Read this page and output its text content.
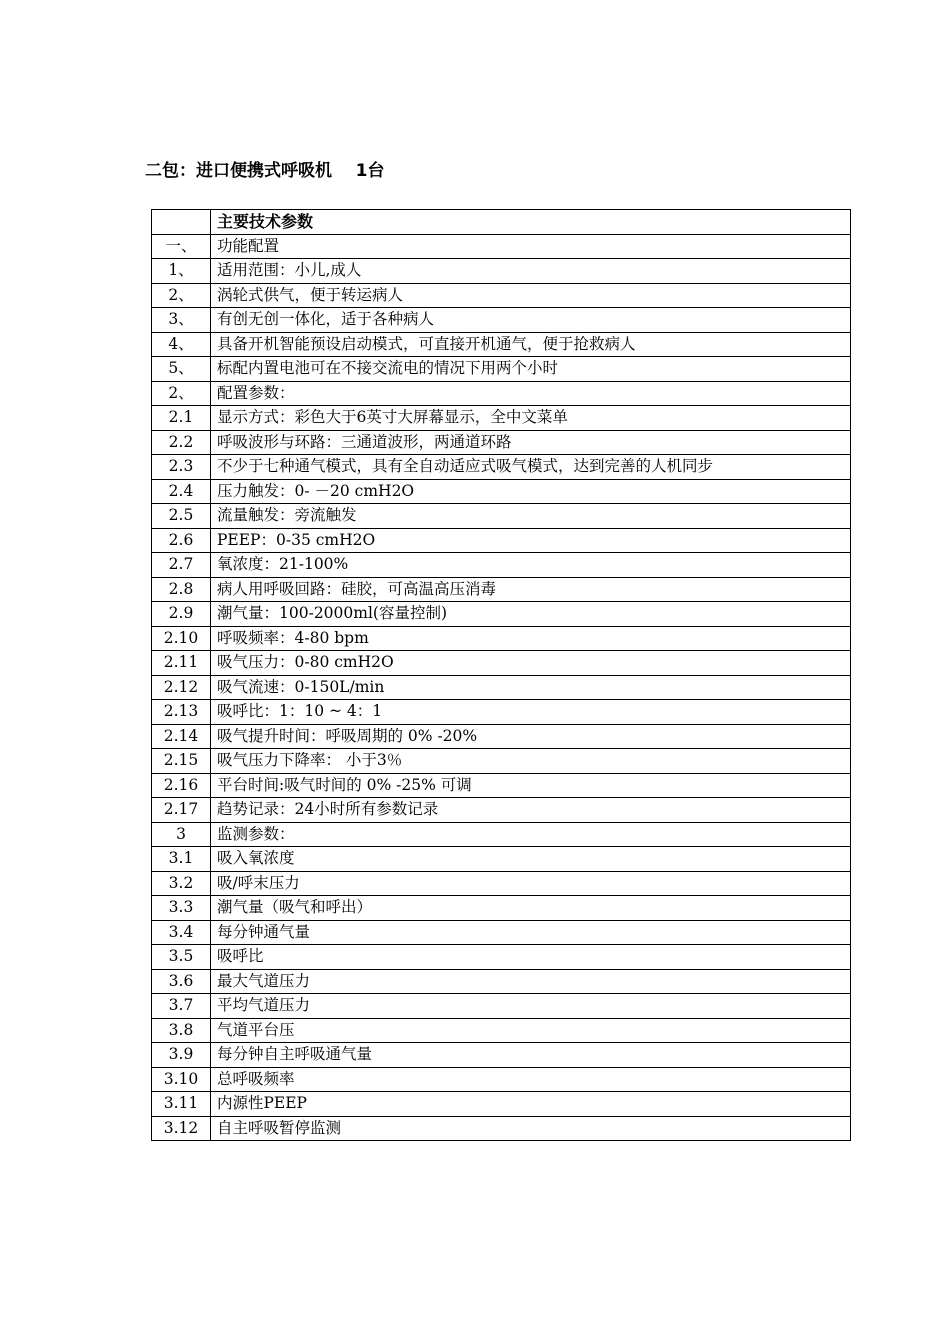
二包：进口便携式呼吸机    1台
	主要技术参数
一、	功能配置
1、	适用范围：小儿,成人
2、	涡轮式供气，便于转运病人
3、	有创无创一体化，适于各种病人
4、	具备开机智能预设启动模式，可直接开机通气，便于抢救病人
5、	标配内置电池可在不接交流电的情况下用两个小时
2、	配置参数：
2.1	显示方式：彩色大于6英寸大屏幕显示，全中文菜单
2.2	呼吸波形与环路：三通道波形，两通道环路
2.3	不少于七种通气模式，具有全自动适应式吸气模式，达到完善的人机同步
2.4	压力触发：0- －20 cmH2O
2.5	流量触发：旁流触发
2.6	PEEP：0-35 cmH2O
2.7	氧浓度：21-100%
2.8	病人用呼吸回路：硅胶，可高温高压消毒
2.9	潮气量：100-2000ml(容量控制)
2.10	呼吸频率：4-80 bpm
2.11	吸气压力：0-80 cmH2O
2.12	吸气流速：0-150L/min
2.13	吸呼比：1：10 ~ 4：1
2.14	吸气提升时间：呼吸周期的 0% -20%
2.15	吸气压力下降率： 小于3％
2.16	平台时间:吸气时间的 0% -25% 可调
2.17	趋势记录：24小时所有参数记录
3	监测参数：
3.1	吸入氧浓度
3.2	吸/呼末压力
3.3	潮气量（吸气和呼出）
3.4	每分钟通气量
3.5	吸呼比
3.6	最大气道压力
3.7	平均气道压力
3.8	气道平台压
3.9	每分钟自主呼吸通气量
3.10	总呼吸频率
3.11	内源性PEEP
3.12	自主呼吸暂停监测
